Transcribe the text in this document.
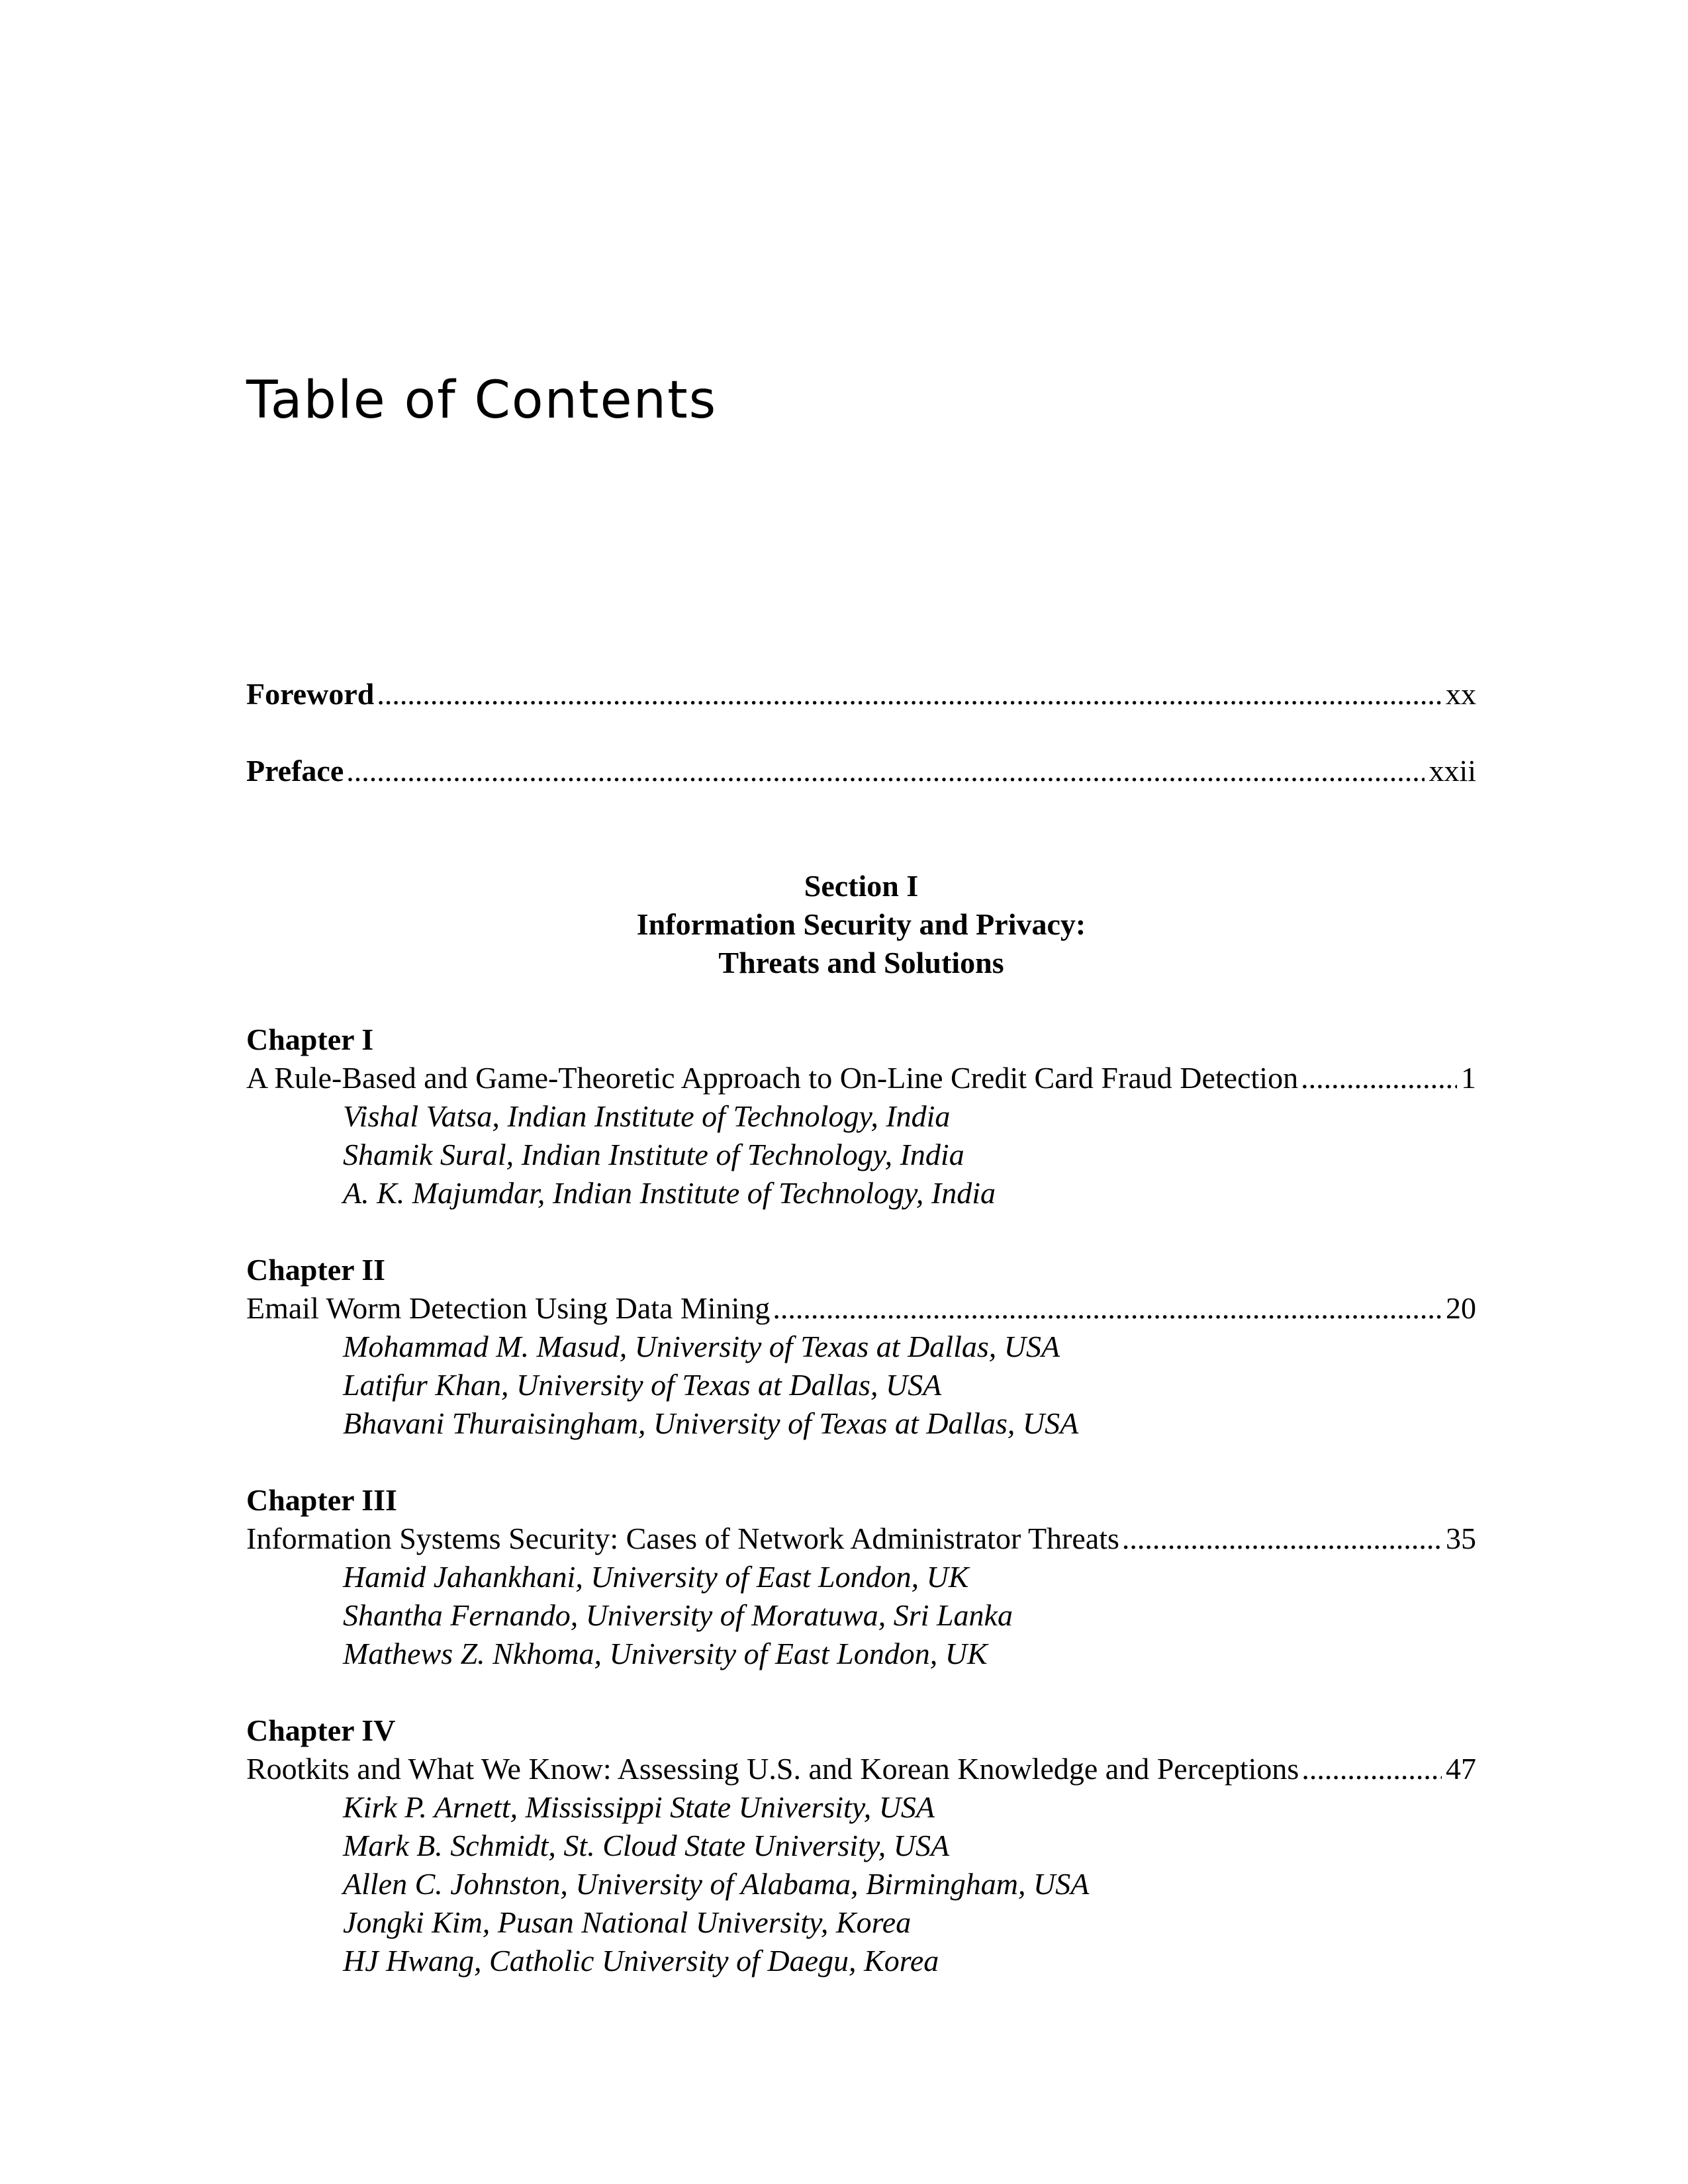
Table of Contents
Foreword .....	xx
Preface .....	xxii
Section I
Information Security and Privacy:
Threats and Solutions
Chapter I
A Rule-Based and Game-Theoretic Approach to On-Line Credit Card Fraud Detection .....	1
Vishal Vatsa, Indian Institute of Technology, India
Shamik Sural, Indian Institute of Technology, India
A. K. Majumdar, Indian Institute of Technology, India
Chapter II
Email Worm Detection Using Data Mining .....	20
Mohammad M. Masud, University of Texas at Dallas, USA
Latifur Khan, University of Texas at Dallas, USA
Bhavani Thuraisingham, University of Texas at Dallas, USA
Chapter III
Information Systems Security: Cases of Network Administrator Threats .....	35
Hamid Jahankhani, University of East London, UK
Shantha Fernando, University of Moratuwa, Sri Lanka
Mathews Z. Nkhoma, University of East London, UK
Chapter IV
Rootkits and What We Know: Assessing U.S. and Korean Knowledge and Perceptions .....	47
Kirk P. Arnett, Mississippi State University, USA
Mark B. Schmidt, St. Cloud State University, USA
Allen C. Johnston, University of Alabama, Birmingham, USA
Jongki Kim, Pusan National University, Korea
HJ Hwang, Catholic University of Daegu, Korea
